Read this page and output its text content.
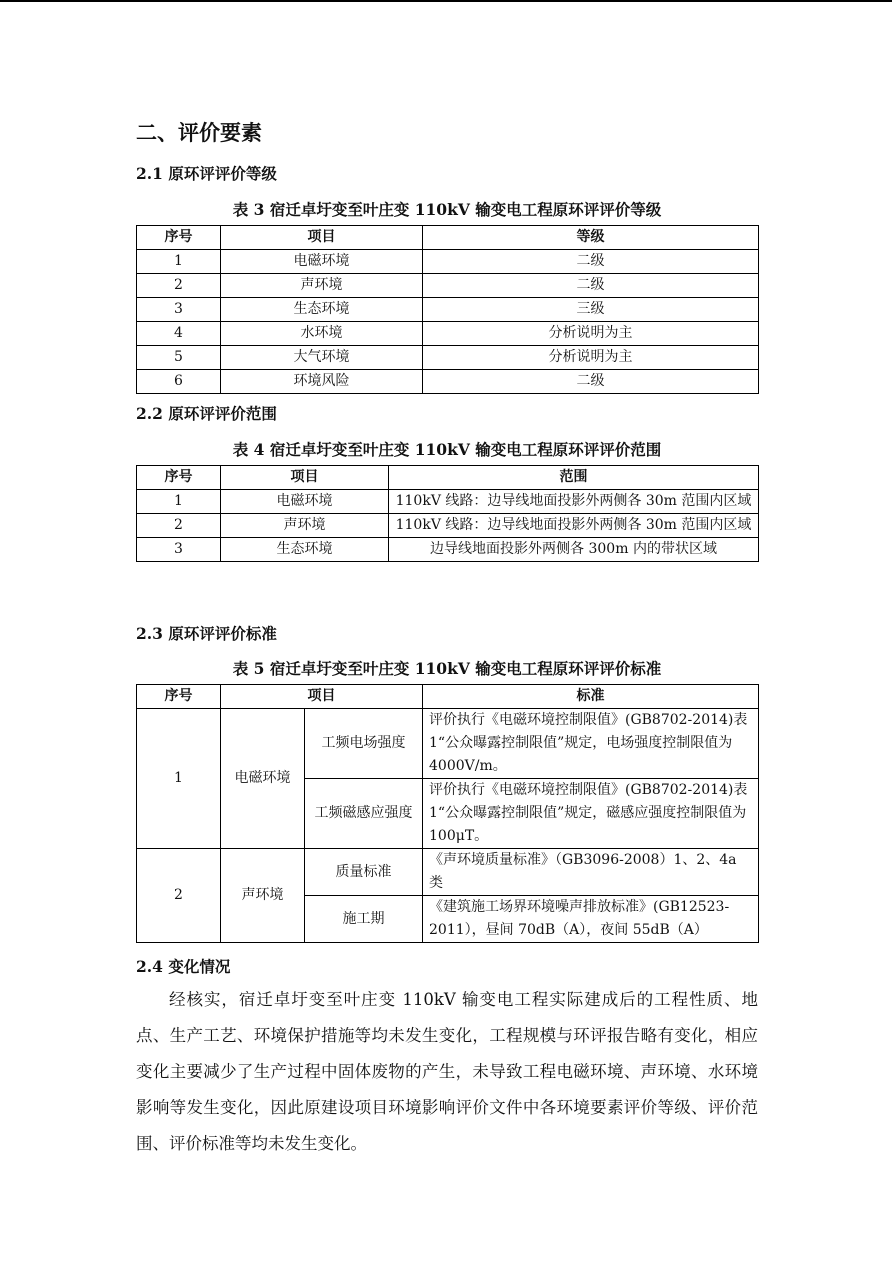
二、评价要素
2.1 原环评评价等级
表 3 宿迁卓圩变至叶庄变 110kV 输变电工程原环评评价等级
序号	项目	等级
1	电磁环境	二级
2	声环境	二级
3	生态环境	三级
4	水环境	分析说明为主
5	大气环境	分析说明为主
6	环境风险	二级
2.2 原环评评价范围
表 4 宿迁卓圩变至叶庄变 110kV 输变电工程原环评评价范围
序号	项目	范围
1	电磁环境	110kV 线路：边导线地面投影外两侧各 30m 范围内区域
2	声环境	110kV 线路：边导线地面投影外两侧各 30m 范围内区域
3	生态环境	边导线地面投影外两侧各 300m 内的带状区域
2.3 原环评评价标准
表 5 宿迁卓圩变至叶庄变 110kV 输变电工程原环评评价标准
序号	项目		标准
1	电磁环境	工频电场强度	评价执行《电磁环境控制限值》(GB8702-2014)表 1“公众曝露控制限值”规定，电场强度控制限值为 4000V/m。
		工频磁感应强度	评价执行《电磁环境控制限值》(GB8702-2014)表 1“公众曝露控制限值”规定，磁感应强度控制限值为 100μT。
2	声环境	质量标准	《声环境质量标准》（GB3096-2008）1、2、4a 类
		施工期	《建筑施工场界环境噪声排放标准》(GB12523-2011），昼间 70dB（A），夜间 55dB（A）
2.4 变化情况

经核实，宿迁卓圩变至叶庄变 110kV 输变电工程实际建成后的工程性质、地点、生产工艺、环境保护措施等均未发生变化，工程规模与环评报告略有变化，相应变化主要减少了生产过程中固体废物的产生，未导致工程电磁环境、声环境、水环境影响等发生变化，因此原建设项目环境影响评价文件中各环境要素评价等级、评价范围、评价标准等均未发生变化。
